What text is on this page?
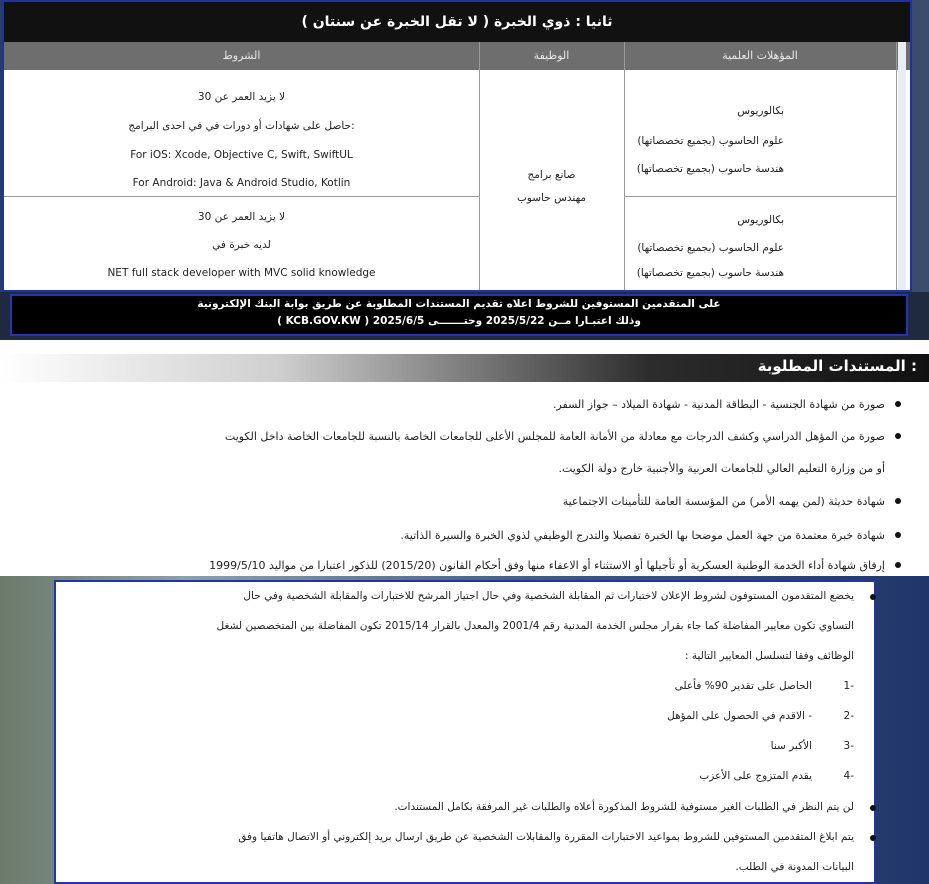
ثانيا : ذوي الخبرة ( لا تقل الخبرة عن سنتان )
المؤهلات العلمية
الوظيفة
الشروط
لا يزيد العمر عن 30
حاصل على شهادات أو دورات في في احدى البرامج:
For iOS: Xcode, Objective C, Swift, SwiftUL
For Android: Java & Android Studio, Kotlin
بكالوريوس
علوم الحاسوب (بجميع تخصصاتها)
هندسة حاسوب (بجميع تخصصاتها)
صانع برامج
مهندس حاسوب
لا يزيد العمر عن 30
لديه خبرة في
NET full stack developer with MVC solid knowledge
بكالوريوس
علوم الحاسوب (بجميع تخصصاتها)
هندسة حاسوب (بجميع تخصصاتها)
على المتقدمين المستوفين للشروط اعلاه تقديم المستندات المطلوبة عن طريق بوابة البنك الإلكترونية
( KCB.GOV.KW ) وذلك اعتبـارا مــن 2025/5/22 وحتـــــــى 2025/6/5
المستندات المطلوبة :
صورة من شهادة الجنسية - البطاقة المدنية - شهادة الميلاد – جواز السفر.
صورة من المؤهل الدراسي وكشف الدرجات مع معادلة من الأمانة العامة للمجلس الأعلى للجامعات الخاصة بالنسبة للجامعات الخاصة داخل الكويت
أو من وزارة التعليم العالي للجامعات العربية والأجنبية خارج دولة الكويت.
شهادة حديثة (لمن يهمه الأمر) من المؤسسة العامة للتأمينات الاجتماعية
شهادة خبرة معتمدة من جهة العمل موضحا بها الخبرة تفصيلا والتدرج الوظيفي لذوي الخبرة والسيرة الذاتية.
إرفاق شهادة أداء الخدمة الوطنية العسكرية أو تأجيلها أو الاستثناء أو الاعفاء منها وفق أحكام القانون (2015/20) للذكور اعتبارا من مواليد 1999/5/10
يخضع المتقدمون المستوفون لشروط الإعلان لاختبارات ثم المقابلة الشخصية وفي حال اجتياز المرشح للاختبارات والمقابلة الشخصية وفي حال
التساوي تكون معايير المفاضلة كما جاء بقرار مجلس الخدمة المدنية رقم 2001/4 والمعدل بالقرار 2015/14 تكون المفاضلة بين المتخصصين لشغل
الوظائف وفقا لتسلسل المعايير التالية :
-1
الحاصل على تقدير 90% فأعلى
-2
- الاقدم في الحصول على المؤهل
-3
الأكبر سنا
-4
يقدم المتزوج على الأعزب
لن يتم النظر في الطلبات الغير مستوفية للشروط المذكورة أعلاه والطلبات غير المرفقة بكامل المستندات.
يتم ابلاغ المتقدمين المستوفين للشروط بمواعيد الاختبارات المقررة والمقابلات الشخصية عن طريق ارسال بريد إلكتروني أو الاتصال هاتفيا وفق
البيانات المدونة في الطلب.
